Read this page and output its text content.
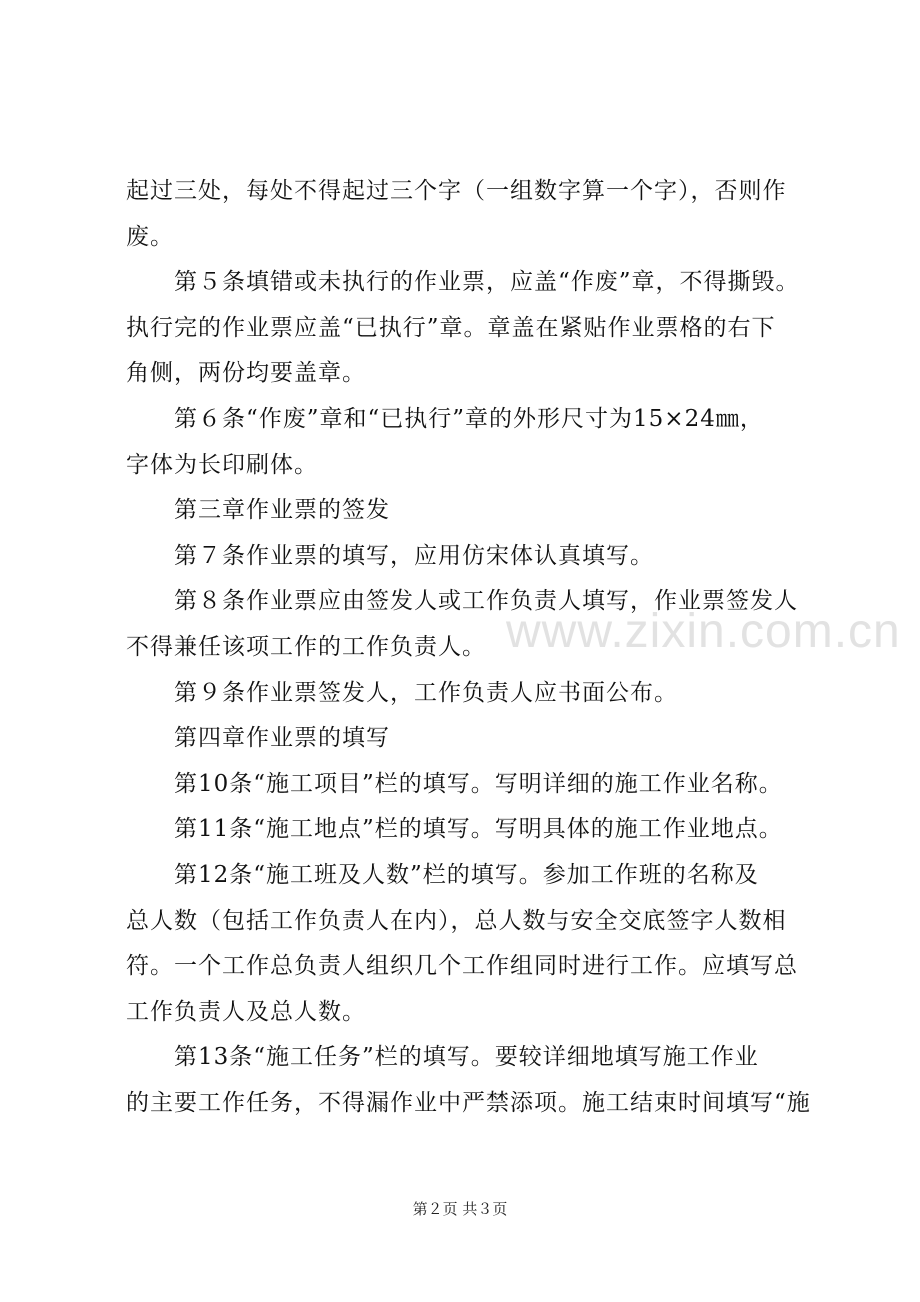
www.zixin.com.cn
起过三处，每处不得起过三个字（一组数字算一个字），否则作
废。
第５条填错或未执行的作业票，应盖“作废”章，不得撕毁。
执行完的作业票应盖“已执行”章。章盖在紧贴作业票格的右下
角侧，两份均要盖章。
第６条“作废”章和“已执行”章的外形尺寸为15×24㎜，
字体为长印刷体。
第三章作业票的签发
第７条作业票的填写，应用仿宋体认真填写。
第８条作业票应由签发人或工作负责人填写，作业票签发人
不得兼任该项工作的工作负责人。
第９条作业票签发人，工作负责人应书面公布。
第四章作业票的填写
第10条“施工项目”栏的填写。写明详细的施工作业名称。
第11条“施工地点”栏的填写。写明具体的施工作业地点。
第12条“施工班及人数”栏的填写。参加工作班的名称及
总人数（包括工作负责人在内），总人数与安全交底签字人数相
符。一个工作总负责人组织几个工作组同时进行工作。应填写总
工作负责人及总人数。
第13条“施工任务”栏的填写。要较详细地填写施工作业
的主要工作任务，不得漏作业中严禁添项。施工结束时间填写“施
第２页 共３页
